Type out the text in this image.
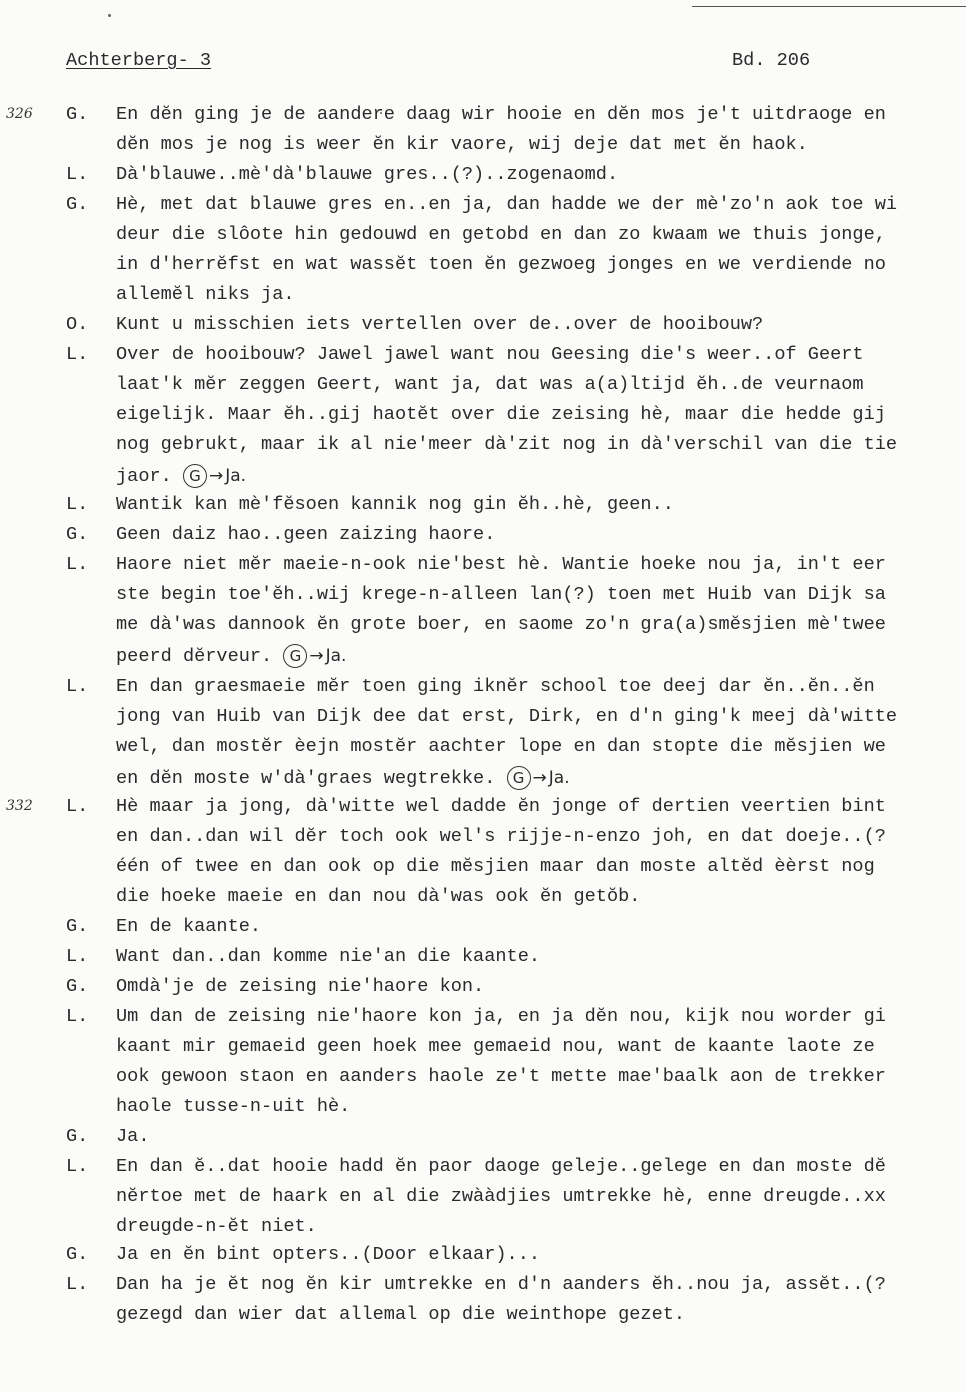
Achterberg- 3	Bd. 206
326
332
G. En dĕn ging je de aandere daag wir hooie en dĕn mos je't uitdraoge en
dĕn mos je nog is weer ĕn kir vaore, wij deje dat met ĕn haok.
L. Dà'blauwe..mè'dà'blauwe gres..(?)..zogenaomd.
G. Hè, met dat blauwe gres en..en ja, dan hadde we der mè'zo'n aok toe wi
deur die slôote hin gedouwd en getobd en dan zo kwaam we thuis jonge,
in d'herrĕfst en wat wassĕt toen ĕn gezwoeg jonges en we verdiende no
allemĕl niks ja.
O. Kunt u misschien iets vertellen over de..over de hooibouw?
L. Over de hooibouw? Jawel jawel want nou Geesing die's weer..of Geert
laat'k mĕr zeggen Geert, want ja, dat was a(a)ltijd ĕh..de veurnaom
eigelijk. Maar ĕh..gij haotĕt over die zeising hè, maar die hedde gij
nog gebrukt, maar ik al nie'meer dà'zit nog in dà'verschil van die tie
jaor. G → Ja.
L. Wantik kan mè'fĕsoen kannik nog gin ĕh..hè, geen..
G. Geen daiz hao..geen zaizing haore.
L. Haore niet mĕr maeie-n-ook nie'best hè. Wantie hoeke nou ja, in't eer
ste begin toe'ĕh..wij krege-n-alleen lan(?) toen met Huib van Dijk sa
me dà'was dannook ĕn grote boer, en saome zo'n gra(a)smĕsjien mè'twee
peerd dĕrveur. G → Ja.
L. En dan graesmaeie mĕr toen ging iknĕr school toe deej dar ĕn..ĕn..ĕn
jong van Huib van Dijk dee dat erst, Dirk, en d'n ging'k meej dà'witte
wel, dan mostĕr èejn mostĕr aachter lope en dan stopte die mĕsjien we
en dĕn moste w'dà'graes wegtrekke. G → Ja.
L. Hè maar ja jong, dà'witte wel dadde ĕn jonge of dertien veertien bint
en dan..dan wil dĕr toch ook wel's rijje-n-enzo joh, en dat doeje..(?
één of twee en dan ook op die mĕsjien maar dan moste altĕd èèrst nog
die hoeke maeie en dan nou dà'was ook ĕn getŏb.
G. En de kaante.
L. Want dan..dan komme nie'an die kaante.
G. Omdà'je de zeising nie'haore kon.
L. Um dan de zeising nie'haore kon ja, en ja dĕn nou, kijk nou worder gi
kaant mir gemaeid geen hoek mee gemaeid nou, want de kaante laote ze
ook gewoon staon en aanders haole ze't mette mae'baalk aon de trekker
haole tusse-n-uit hè.
G. Ja.
L. En dan ĕ..dat hooie hadd ĕn paor daoge geleje..gelege en dan moste dĕ
nĕrtoe met de haark en al die zwààdjies umtrekke hè, enne dreugde..xx
dreugde-n-ĕt niet.
G. Ja en ĕn bint opters..(Door elkaar)...
L. Dan ha je ĕt nog ĕn kir umtrekke en d'n aanders ĕh..nou ja, assĕt..(?
gezegd dan wier dat allemal op die weinthope gezet.
